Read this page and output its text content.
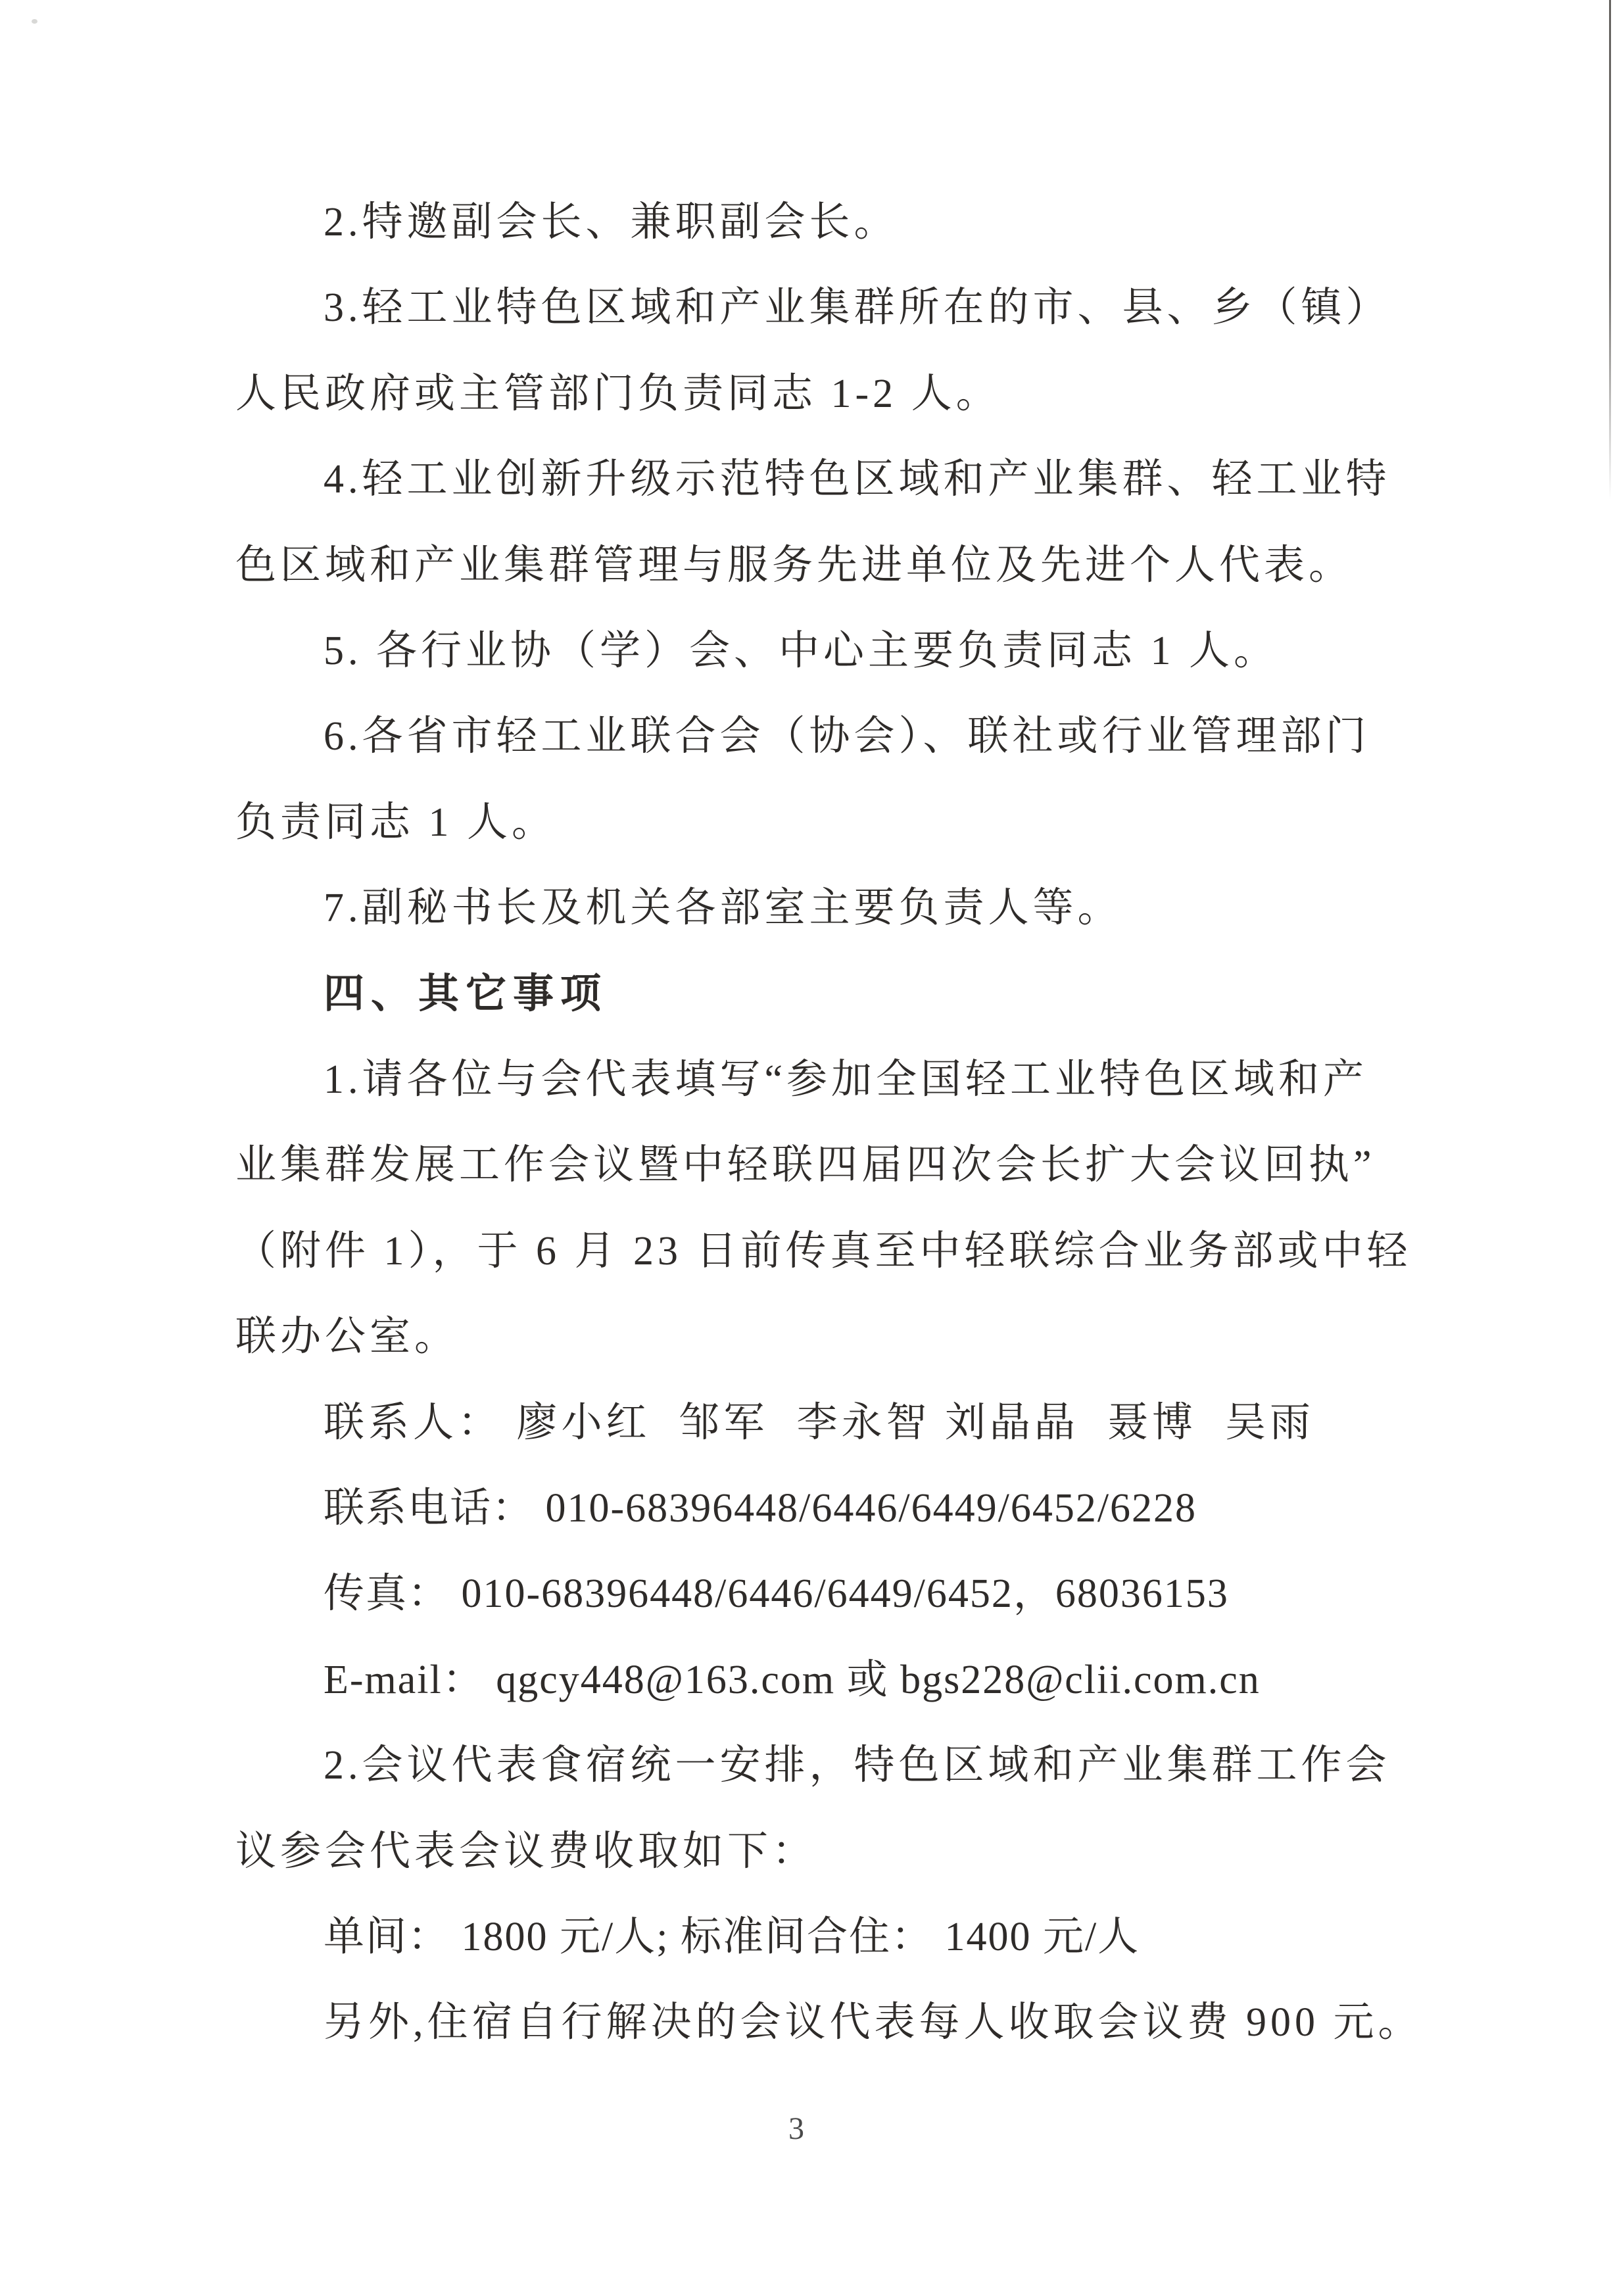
2.特邀副会长、兼职副会长。
3.轻工业特色区域和产业集群所在的市、县、乡（镇）
人民政府或主管部门负责同志 1-2 人。
4.轻工业创新升级示范特色区域和产业集群、轻工业特
色区域和产业集群管理与服务先进单位及先进个人代表。
5. 各行业协（学）会、中心主要负责同志 1 人。
6.各省市轻工业联合会（协会）、联社或行业管理部门
负责同志 1 人。
7.副秘书长及机关各部室主要负责人等。
四、其它事项
1.请各位与会代表填写“参加全国轻工业特色区域和产
业集群发展工作会议暨中轻联四届四次会长扩大会议回执”
（附件 1），于 6 月 23 日前传真至中轻联综合业务部或中轻
联办公室。
联系人： 廖小红  邹军  李永智 刘晶晶  聂博  吴雨
联系电话： 010-68396448/6446/6449/6452/6228
传真： 010-68396448/6446/6449/6452，68036153
E-mail： qgcy448@163.com 或 bgs228@clii.com.cn
2.会议代表食宿统一安排，特色区域和产业集群工作会
议参会代表会议费收取如下：
单间： 1800 元/人; 标准间合住： 1400 元/人
另外,住宿自行解决的会议代表每人收取会议费 900 元。
3
